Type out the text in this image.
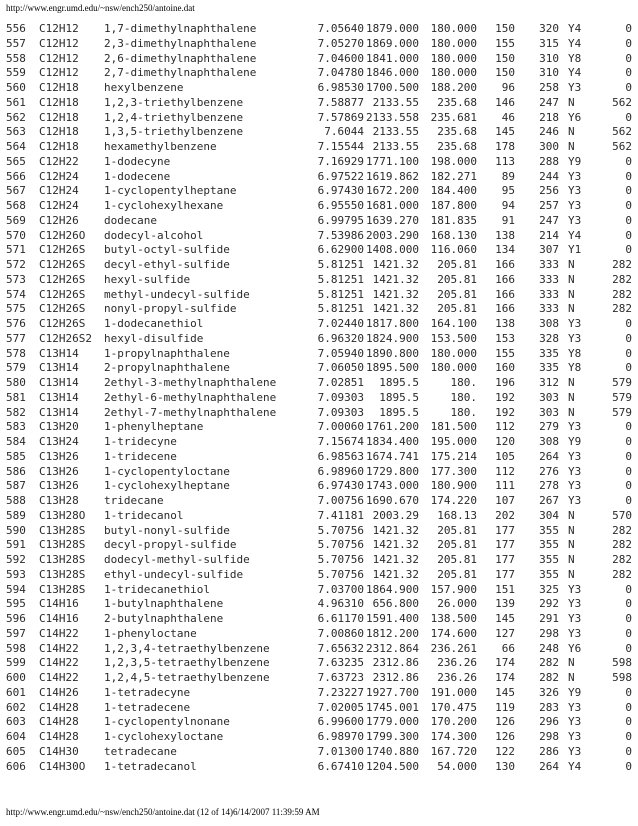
http://www.engr.umd.edu/~nsw/ench250/antoine.dat
556 C12H12 1,7-dimethylnaphthalene	7.05640 1879.000 180.000 150 320 Y4	0
557 C12H12 2,3-dimethylnaphthalene	7.05270 1869.000 180.000 155 315 Y4	0
558 C12H12 2,6-dimethylnaphthalene	7.04600 1841.000 180.000 150 310 Y8	0
559 C12H12 2,7-dimethylnaphthalene	7.04780 1846.000 180.000 150 310 Y4	0
560 C12H18 hexylbenzene	6.98530 1700.500 188.200 96 258 Y3	0
561 C12H18 1,2,3-triethylbenzene	7.58877 2133.55 235.68 146 247 N	562
562 C12H18 1,2,4-triethylbenzene	7.57869 2133.558 235.681 46 218 Y6	0
563 C12H18 1,3,5-triethylbenzene	7.6044 2133.55 235.68 145 246 N	562
564 C12H18 hexamethylbenzene	7.15544 2133.55 235.68 178 300 N	562
565 C12H22 1-dodecyne	7.16929 1771.100 198.000 113 288 Y9	0
566 C12H24 1-dodecene	6.97522 1619.862 182.271 89 244 Y3	0
567 C12H24 1-cyclopentylheptane	6.97430 1672.200 184.400 95 256 Y3	0
568 C12H24 1-cyclohexylhexane	6.95550 1681.000 187.800 94 257 Y3	0
569 C12H26 dodecane	6.99795 1639.270 181.835 91 247 Y3	0
570 C12H26O dodecyl-alcohol	7.53986 2003.290 168.130 138 214 Y4	0
571 C12H26S butyl-octyl-sulfide	6.62900 1408.000 116.060 134 307 Y1	0
572 C12H26S decyl-ethyl-sulfide	5.81251 1421.32 205.81 166 333 N	282
573 C12H26S hexyl-sulfide	5.81251 1421.32 205.81 166 333 N	282
574 C12H26S methyl-undecyl-sulfide	5.81251 1421.32 205.81 166 333 N	282
575 C12H26S nonyl-propyl-sulfide	5.81251 1421.32 205.81 166 333 N	282
576 C12H26S 1-dodecanethiol	7.02440 1817.800 164.100 138 308 Y3	0
577 C12H26S2 hexyl-disulfide	6.96320 1824.900 153.500 153 328 Y3	0
578 C13H14 1-propylnaphthalene	7.05940 1890.800 180.000 155 335 Y8	0
579 C13H14 2-propylnaphthalene	7.06050 1895.500 180.000 160 335 Y8	0
580 C13H14 2ethyl-3-methylnaphthalene	7.02851 1895.5	180. 196 312 N	579
581 C13H14 2ethyl-6-methylnaphthalene	7.09303 1895.5	180. 192 303 N	579
582 C13H14 2ethyl-7-methylnaphthalene	7.09303 1895.5	180. 192 303 N	579
583 C13H20 1-phenylheptane	7.00060 1761.200 181.500 112 279 Y3	0
584 C13H24 1-tridecyne	7.15674 1834.400 195.000 120 308 Y9	0
585 C13H26 1-tridecene	6.98563 1674.741 175.214 105 264 Y3	0
586 C13H26 1-cyclopentyloctane	6.98960 1729.800 177.300 112 276 Y3	0
587 C13H26 1-cyclohexylheptane	6.97430 1743.000 180.900 111 278 Y3	0
588 C13H28 tridecane	7.00756 1690.670 174.220 107 267 Y3	0
589 C13H28O 1-tridecanol	7.41181 2003.29 168.13 202 304 N	570
590 C13H28S butyl-nonyl-sulfide	5.70756 1421.32 205.81 177 355 N	282
591 C13H28S decyl-propyl-sulfide	5.70756 1421.32 205.81 177 355 N	282
592 C13H28S dodecyl-methyl-sulfide	5.70756 1421.32 205.81 177 355 N	282
593 C13H28S ethyl-undecyl-sulfide	5.70756 1421.32 205.81 177 355 N	282
594 C13H28S 1-tridecanethiol	7.03700 1864.900 157.900 151 325 Y3	0
595 C14H16 1-butylnaphthalene	4.96310 656.800 26.000 139 292 Y3	0
596 C14H16 2-butylnaphthalene	6.61170 1591.400 138.500 145 291 Y3	0
597 C14H22 1-phenyloctane	7.00860 1812.200 174.600 127 298 Y3	0
598 C14H22 1,2,3,4-tetraethylbenzene	7.65632 2312.864 236.261 66 248 Y6	0
599 C14H22 1,2,3,5-tetraethylbenzene	7.63235 2312.86 236.26 174 282 N	598
600 C14H22 1,2,4,5-tetraethylbenzene	7.63723 2312.86 236.26 174 282 N	598
601 C14H26 1-tetradecyne	7.23227 1927.700 191.000 145 326 Y9	0
602 C14H28 1-tetradecene	7.02005 1745.001 170.475 119 283 Y3	0
603 C14H28 1-cyclopentylnonane	6.99600 1779.000 170.200 126 296 Y3	0
604 C14H28 1-cyclohexyloctane	6.98970 1799.300 174.300 126 298 Y3	0
605 C14H30 tetradecane	7.01300 1740.880 167.720 122 286 Y3	0
606 C14H30O 1-tetradecanol	6.67410 1204.500 54.000 130 264 Y4	0
http://www.engr.umd.edu/~nsw/ench250/antoine.dat (12 of 14)6/14/2007 11:39:59 AM
